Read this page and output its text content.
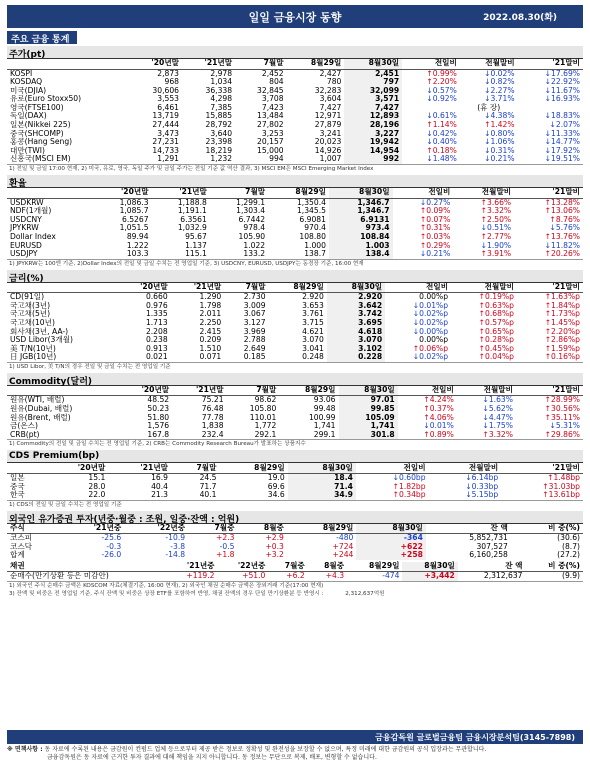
일일 금융시장 동향	2022.08.30(화)
주요 금융 통계
주가(pt)
	'20년말	'21년말	7월말	8월29일	8월30일	전일비	전월말비	'21말비
KOSPI	2,873	2,978	2,452	2,427	2,451	↑0.99%	↓0.02%	↓17.69%
KOSDAQ	968	1,034	804	780	797	↑2.20%	↓0.82%	↓22.92%
미국(DJIA)	30,606	36,338	32,845	32,283	32,099	↓0.57%	↓2.27%	↓11.67%
유로(Euro Stoxx50)	3,553	4,298	3,708	3,604	3,571	↓0.92%	↓3.71%	↓16.93%
영국(FTSE100)	6,461	7,385	7,423	7,427	7,427		(휴 장)	
독일(DAX)	13,719	15,885	13,484	12,971	12,893	↓0.61%	↓4.38%	↓18.83%
일본(Nikkei 225)	27,444	28,792	27,802	27,879	28,196	↑1.14%	↑1.42%	↓2.07%
중국(SHCOMP)	3,473	3,640	3,253	3,241	3,227	↓0.42%	↓0.80%	↓11.33%
홍콩(Hang Seng)	27,231	23,398	20,157	20,023	19,942	↓0.40%	↓1.06%	↓14.77%
대만(TWI)	14,733	18,219	15,000	14,926	14,954	↑0.18%	↓0.31%	↓17.92%
신흥국(MSCI EM)	1,291	1,232	994	1,007	992	↓1.48%	↓0.21%	↓19.51%
1) 전일 및 금일 17:00 현재, 2) 미국, 유로, 영국, 독일 주가 및 금일 주가는 전일 기준 값 역산 결과, 3) MSCI EM은 MSCI Emerging Market Index
환율
	'20년말	'21년말	7월말	8월29일	8월30일	전일비	전월말비	'21말비
USDKRW	1,086.3	1,188.8	1,299.1	1,350.4	1,346.7	↓0.27%	↑3.66%	↑13.28%
NDF(1개월)	1,085.7	1,191.1	1,303.4	1,345.5	1,346.7	↑0.09%	↑3.32%	↑13.06%
USDCNY	6.5267	6.3561	6.7442	6.9081	6.9131	↑0.07%	↑2.50%	↑8.76%
JPYKRW	1,051.5	1,032.9	978.4	970.4	973.4	↑0.31%	↓0.51%	↓5.76%
Dollar Index	89.94	95.67	105.90	108.80	108.84	↑0.03%	↑2.77%	↑13.76%
EURUSD	1.222	1.137	1.022	1.000	1.003	↑0.29%	↓1.90%	↓11.82%
USDJPY	103.3	115.1	133.2	138.7	138.4	↓0.21%	↑3.91%	↑20.26%
1) JPYKRW는 100엔 기준, 2)Dollar Index의 전일 및 금일 수치는 전 영업일 기준, 3) USDCNY, EURUSD, USDJPY는 동경장 기준, 16:00 현재
금리(%)
	'20년말	'21년말	7월말	8월29일	8월30일	전일비	전월말비	'21말비
CD(91일)	0.660	1.290	2.730	2.920	2.920	0.00%p	↑0.19%p	↑1.63%p
국고채(3년)	0.976	1.798	3.009	3.653	3.642	↓0.01%p	↑0.63%p	↑1.84%p
국고채(5년)	1.335	2.011	3.067	3.761	3.742	↓0.02%p	↑0.68%p	↑1.73%p
국고채(10년)	1.713	2.250	3.127	3.715	3.695	↓0.02%p	↑0.57%p	↑1.45%p
회사채(3년, AA-)	2.208	2.415	3.969	4.621	4.618	↓0.00%p	↑0.65%p	↑2.20%p
USD Libor(3개월)	0.238	0.209	2.788	3.070	3.070	0.00%p	↑0.28%p	↑2.86%p
美 T/N(10년)	0.913	1.510	2.649	3.041	3.102	↑0.06%p	↑0.45%p	↑1.59%p
日 JGB(10년)	0.021	0.071	0.185	0.248	0.228	↓0.02%p	↑0.04%p	↑0.16%p
1) USD Libor, 美 T/N의 경우 전일 및 금일 수치는 전 영업일 기준
Commodity(달러)
	'20년말	'21년말	7월말	8월29일	8월30일	전일비	전월말비	'21말비
원유(WTI, 배럴)	48.52	75.21	98.62	93.06	97.01	↑4.24%	↓1.63%	↑28.99%
원유(Dubai, 배럴)	50.23	76.48	105.80	99.48	99.85	↑0.37%	↓5.62%	↑30.56%
원유(Brent, 배럴)	51.80	77.78	110.01	100.99	105.09	↑4.06%	↓4.47%	↑35.11%
금(온스)	1,576	1,838	1,772	1,741	1,741	↓0.01%	↓1.75%	↓5.31%
CRB(pt)	167.8	232.4	292.1	299.1	301.8	↑0.89%	↑3.32%	↑29.86%
1) Commodity의 전일 및 금일 수치는 전 영업일 기준, 2) CRB는 Commodity Research Bureau가 발표하는 상품지수
CDS Premium(bp)
	'20년말	'21년말	7월말	8월29일	8월30일	전일비	전월말비	'21말비
일본	15.1	16.9	24.5	19.0	18.4	↓0.60bp	↓6.14bp	↑1.48bp
중국	28.0	40.4	71.7	69.6	71.4	↑1.82bp	↓0.33bp	↑31.03bp
한국	22.0	21.3	40.1	34.6	34.9	↑0.34bp	↓5.15bp	↑13.61bp
1) CDS의 전일 및 금일 수치는 전 영업일 기준
외국인 유가증권 투자(년중·월중 : 조원, 일중·잔액 : 억원)
주식	'21년중	'22년중	7월중	8월중	8월29일	8월30일	잔 액	비 중(%)
코스피	-25.6	-10.9	+2.3	+2.9	-480	-364	5,852,731	(30.6)
코스닥	-0.3	-3.8	-0.5	+0.3	+724	+622	307,527	(8.7)
합계	-26.0	-14.8	+1.8	+3.2	+244	+258	6,160,258	(27.2)
채권	'21년중	'22년중	7월중	8월중	8월29일	8월30일	잔 액	비 중(%)
순매수(만기상환 등은 미감안)	+119.2	+51.0	+6.2	+4.3	-474	+3,442	2,312,637	(9.9)
1) 외국인 주식 순매수 금액은 KOSCOM 자료(체결기준, 16:00 현재), 2) 외국인 채권 순매수 금액은 장외거래 기준(17:00 현재)
3) 잔액 및 비중은 전 영업일 기준, 주식 잔액 및 비중은 상장 ETF를 포함하여 반영, 채권 잔액의 경우 단일 만기상환분 등 반영시 :	2,312,637억원
금융감독원 글로벌금융팀 금융시장분석팀(3145-7898)
※ 면책사항 : 동 자료에 수록된 내용은 금감원이 컨펌드 업체 등으로부터 제공 받은 정보로 정확성 및 완전성을 보장할 수 없으며, 특정 미래에 대한 금감원의 공식 입장과는 무관합니다.
금융감독원은 동 자료에 근거한 투자 결과에 대해 책임을 지지 아니합니다. 동 정보는 무단으로 복제, 배포, 변형할 수 없습니다.
